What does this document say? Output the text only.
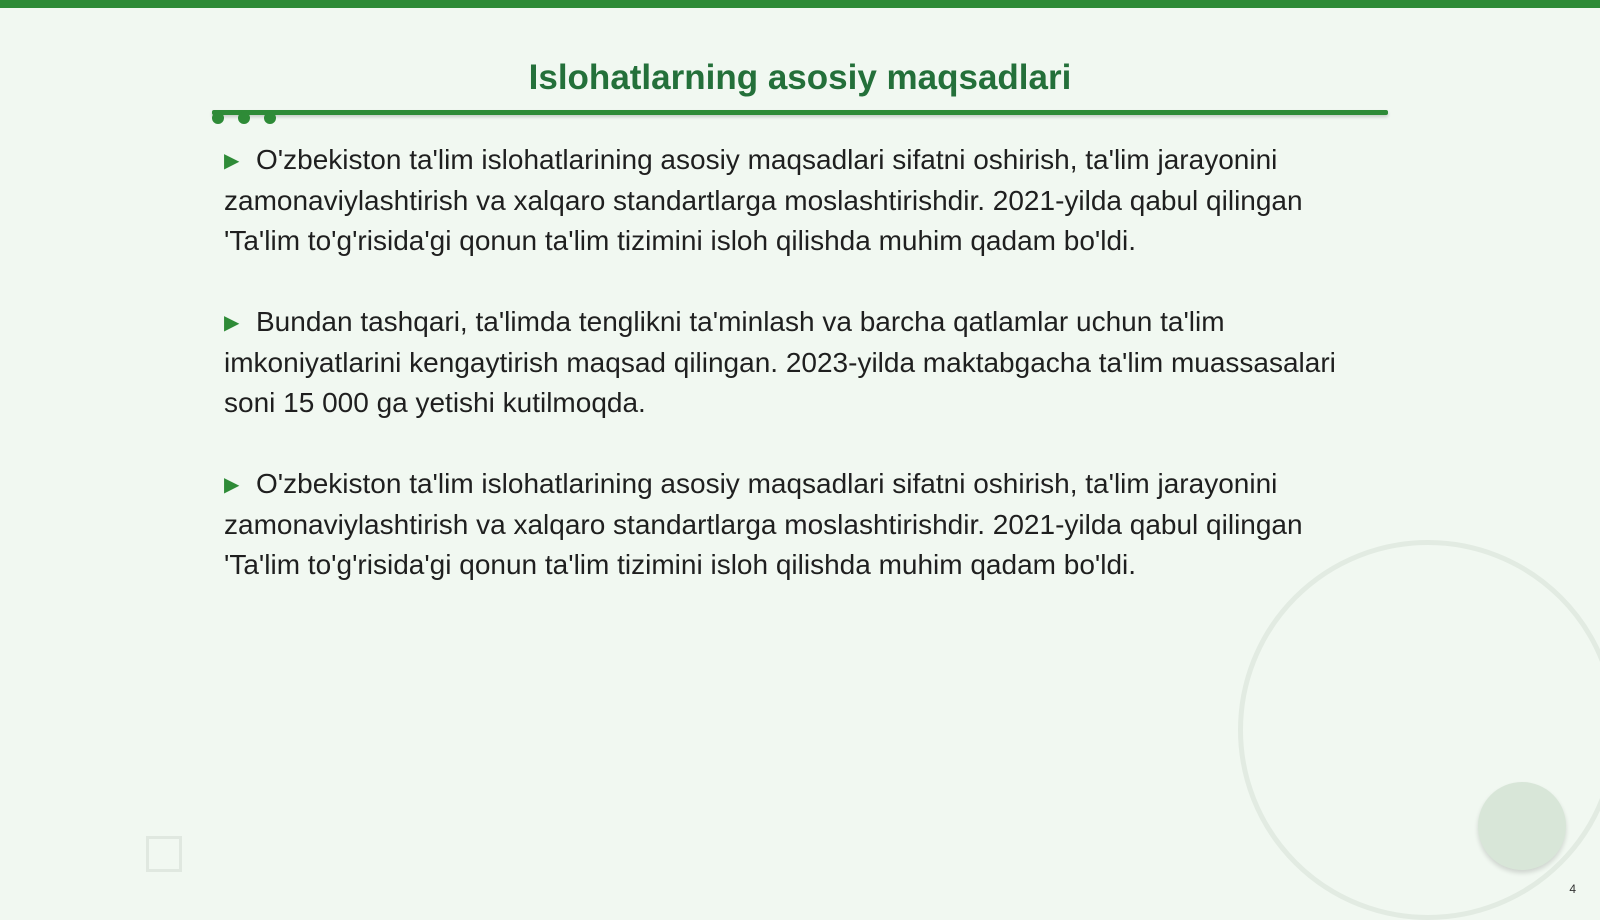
Islohatlarning asosiy maqsadlari

▶ O'zbekiston ta'lim islohatlarining asosiy maqsadlari sifatni oshirish, ta'lim jarayonini zamonaviylashtirish va xalqaro standartlarga moslashtirishdir. 2021-yilda qabul qilingan 'Ta'lim to'g'risida'gi qonun ta'lim tizimini isloh qilishda muhim qadam bo'ldi.

▶ Bundan tashqari, ta'limda tenglikni ta'minlash va barcha qatlamlar uchun ta'lim imkoniyatlarini kengaytirish maqsad qilingan. 2023-yilda maktabgacha ta'lim muassasalari soni 15 000 ga yetishi kutilmoqda.

▶ O'zbekiston ta'lim islohatlarining asosiy maqsadlari sifatni oshirish, ta'lim jarayonini zamonaviylashtirish va xalqaro standartlarga moslashtirishdir. 2021-yilda qabul qilingan 'Ta'lim to'g'risida'gi qonun ta'lim tizimini isloh qilishda muhim qadam bo'ldi.

4
